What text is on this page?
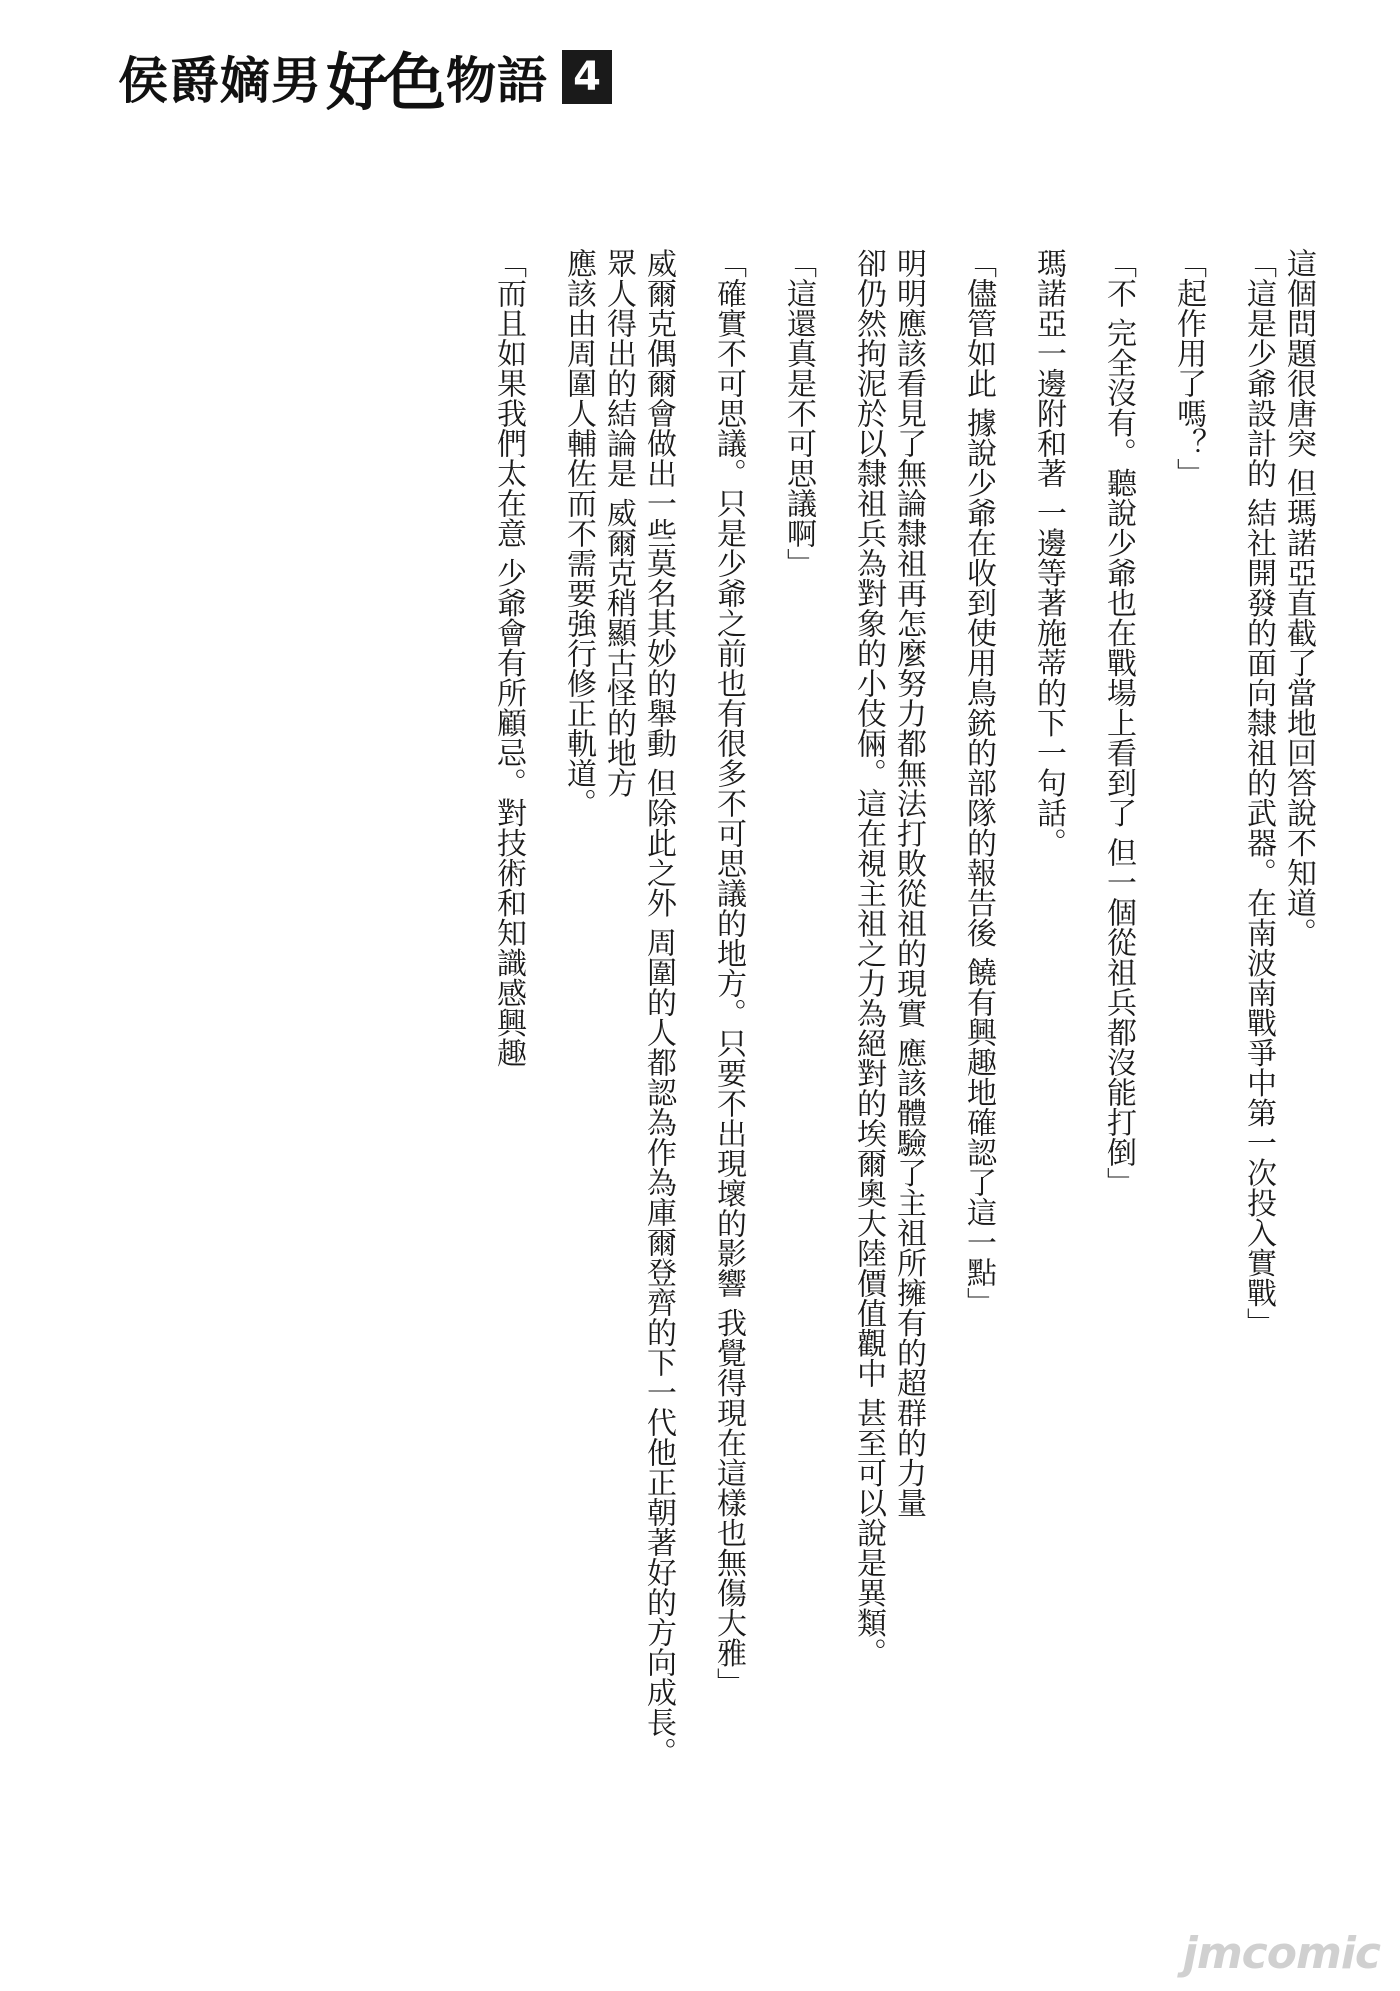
侯爵嫡男 好色 物語 4

這個問題很唐突 但瑪諾亞直截了當地回答說不知道。

「這是少爺設計的 結社開發的面向隸祖的武器。在南波南戰爭中第一次投入實戰」

「起作用了嗎？」

「不 完全沒有。聽說少爺也在戰場上看到了 但一個從祖兵都沒能打倒」

瑪諾亞一邊附和著 一邊等著施蒂的下一句話。

「儘管如此 據說少爺在收到使用鳥銃的部隊的報告後 饒有興趣地確認了這一點」

明明應該看見了無論隸祖再怎麼努力都無法打敗從祖的現實 應該體驗了主祖所擁有的超群的力量
卻仍然拘泥於以隸祖兵為對象的小伎倆。這在視主祖之力為絕對的埃爾奧大陸價值觀中 甚至可以說是異類。

「這還真是不可思議啊」

「確實不可思議。只是少爺之前也有很多不可思議的地方。只要不出現壞的影響 我覺得現在這樣也無傷大雅」

威爾克偶爾會做出一些莫名其妙的舉動 但除此之外 周圍的人都認為作為庫爾登齊的下一代他正朝著好的方向成長。
眾人得出的結論是 威爾克稍顯古怪的地方
應該由周圍人輔佐而不需要強行修正軌道。

「而且如果我們太在意 少爺會有所顧忌。對技術和知識感興趣

jmcomic
